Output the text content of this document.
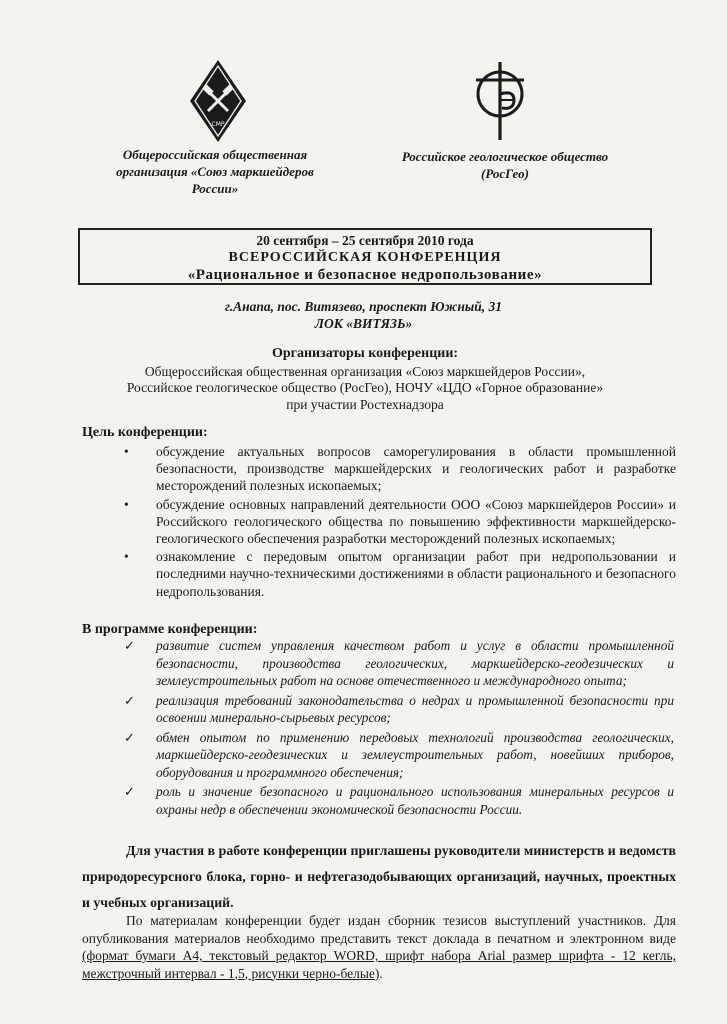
СМР
Общероссийская общественная
организация «Союз маркшейдеров
России»
Российское геологическое общество
(РосГео)
20 сентября – 25 сентября 2010 года
ВСЕРОССИЙСКАЯ КОНФЕРЕНЦИЯ
«Рациональное и безопасное недропользование»
г.Анапа, пос. Витязево, проспект Южный, 31
ЛОК «ВИТЯЗЬ»
Организаторы конференции:
Общероссийская общественная организация «Союз маркшейдеров России»,
Российское геологическое общество (РосГео), НОЧУ «ЦДО «Горное образование»
при участии Ростехнадзора
Цель конференции:
• обсуждение актуальных вопросов саморегулирования в области промышленной безопасности, производстве маркшейдерских и геологических работ и разработке месторождений полезных ископаемых;
• обсуждение основных направлений деятельности ООО «Союз маркшейдеров России» и Российского геологического общества по повышению эффективности маркшейдерско-геологического обеспечения разработки месторождений полезных ископаемых;
• ознакомление с передовым опытом организации работ при недропользовании и последними научно-техническими достижениями в области рационального и безопасного недропользования.
В программе конференции:
✓ развитие систем управления качеством работ и услуг в области промышленной безопасности, производства геологических, маркшейдерско-геодезических и землеустроительных работ на основе отечественного и международного опыта;
✓ реализация требований законодательства о недрах и промышленной безопасности при освоении минерально-сырьевых ресурсов;
✓ обмен опытом по применению передовых технологий производства геологических, маркшейдерско-геодезических и землеустроительных работ, новейших приборов, оборудования и программного обеспечения;
✓ роль и значение безопасного и рационального использования минеральных ресурсов и охраны недр в обеспечении экономической безопасности России.
Для участия в работе конференции приглашены руководители министерств и ведомств природоресурсного блока, горно- и нефтегазодобывающих организаций, научных, проектных и учебных организаций.
По материалам конференции будет издан сборник тезисов выступлений участников. Для опубликования материалов необходимо представить текст доклада в печатном и электронном виде (формат бумаги А4, текстовый редактор WORD, шрифт набора Arial размер шрифта - 12 кегль, межстрочный интервал - 1,5, рисунки черно-белые).
